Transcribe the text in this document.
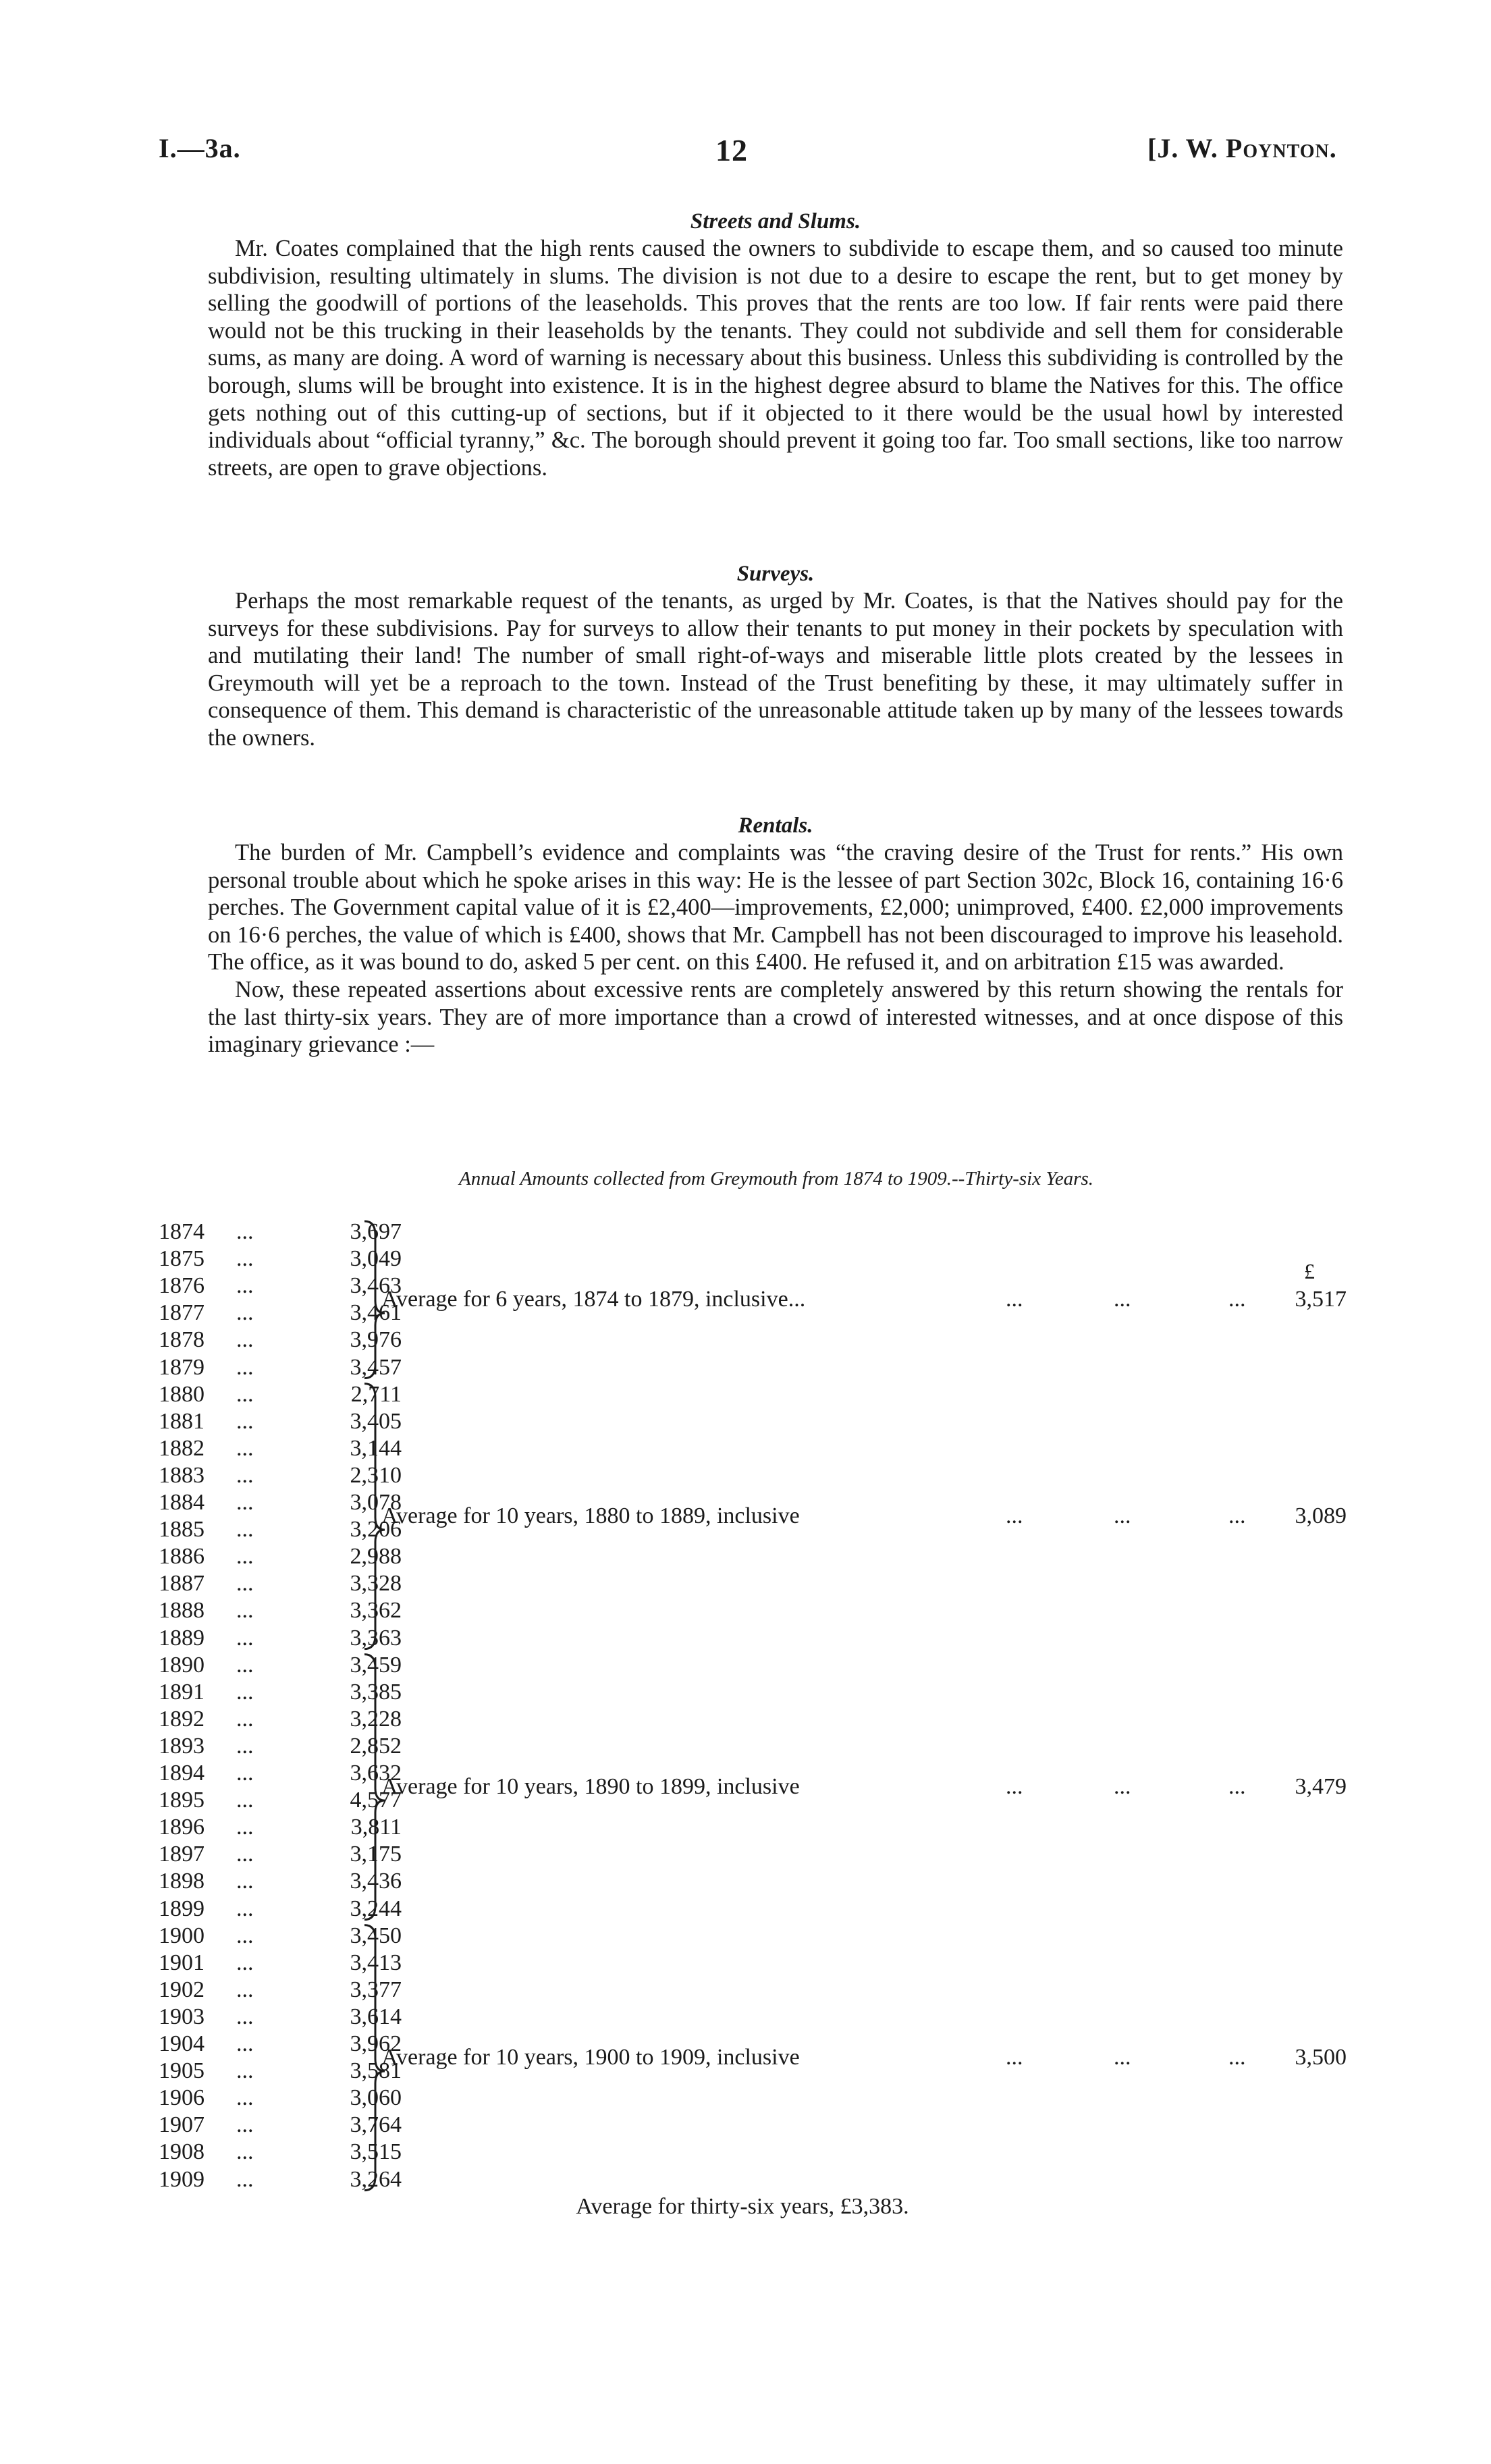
I.—3a.	12	[J. W. Poynton.
Streets and Slums.

Mr. Coates complained that the high rents caused the owners to subdivide to escape them, and so caused too minute subdivision, resulting ultimately in slums. The division is not due to a desire to escape the rent, but to get money by selling the goodwill of portions of the leaseholds. This proves that the rents are too low. If fair rents were paid there would not be this trucking in their leaseholds by the tenants. They could not subdivide and sell them for considerable sums, as many are doing. A word of warning is necessary about this business. Unless this subdividing is controlled by the borough, slums will be brought into existence. It is in the highest degree absurd to blame the Natives for this. The office gets nothing out of this cutting-up of sections, but if it objected to it there would be the usual howl by interested individuals about “official tyranny,” &c. The borough should prevent it going too far. Too small sections, like too narrow streets, are open to grave objections.

Surveys.

Perhaps the most remarkable request of the tenants, as urged by Mr. Coates, is that the Natives should pay for the surveys for these subdivisions. Pay for surveys to allow their tenants to put money in their pockets by speculation with and mutilating their land! The number of small right-of-ways and miserable little plots created by the lessees in Greymouth will yet be a reproach to the town. Instead of the Trust benefiting by these, it may ultimately suffer in consequence of them. This demand is characteristic of the unreasonable attitude taken up by many of the lessees towards the owners.

Rentals.

The burden of Mr. Campbell’s evidence and complaints was “the craving desire of the Trust for rents.” His own personal trouble about which he spoke arises in this way: He is the lessee of part Section 302c, Block 16, containing 16·6 perches. The Government capital value of it is £2,400—improvements, £2,000; unimproved, £400. £2,000 improvements on 16·6 perches, the value of which is £400, shows that Mr. Campbell has not been discouraged to improve his leasehold. The office, as it was bound to do, asked 5 per cent. on this £400. He refused it, and on arbitration £15 was awarded.

Now, these repeated assertions about excessive rents are completely answered by this return showing the rentals for the last thirty-six years. They are of more importance than a crowd of interested witnesses, and at once dispose of this imaginary grievance :—

Annual Amounts collected from Greymouth from 1874 to 1909.--Thirty-six Years.
£
1874 ...	3,697
1875 ...	3,049
1876 ...	3,463
1877 ...	3,461
1878 ...	3,976
1879 ...	3,457
1880 ...	2,711
1881 ...	3,405
1882 ...	3,144
1883 ...	2,310
1884 ...	3,078
1885 ...	3,206
1886 ...	2,988
1887 ...	3,328
1888 ...	3,362
1889 ...	3,363
1890 ...	3,459
1891 ...	3,385
1892 ...	3,228
1893 ...	2,852
1894 ...	3,632
1895 ...	4,577
1896 ...	3,811
1897 ...	3,175
1898 ...	3,436
1899 ...	3,244
1900 ...	3,450
1901 ...	3,413
1902 ...	3,377
1903 ...	3,614
1904 ...	3,962
1905 ...	3,581
1906 ...	3,060
1907 ...	3,764
1908 ...	3,515
1909 ...	3,264
Average for 6 years, 1874 to 1879, inclusive...	...	...	... 3,517
Average for 10 years, 1880 to 1889, inclusive	...	...	... 3,089
Average for 10 years, 1890 to 1899, inclusive	...	...	... 3,479
Average for 10 years, 1900 to 1909, inclusive	...	...	... 3,500
Average for thirty-six years, £3,383.
